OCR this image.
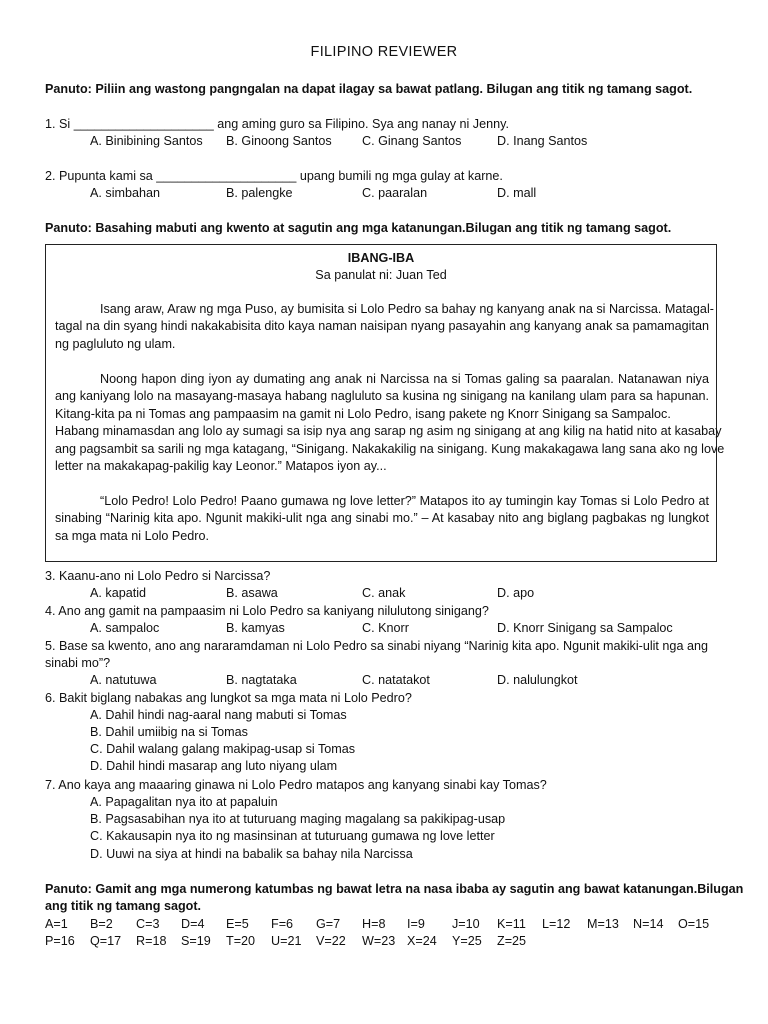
FILIPINO REVIEWER
Panuto: Piliin ang wastong pangngalan na dapat ilagay sa bawat patlang. Bilugan ang titik ng tamang sagot.
1. Si ____________________ ang aming guro sa Filipino. Sya ang nanay ni Jenny.
A. Binibining Santos B. Ginoong Santos C. Ginang Santos	D. Inang Santos
2. Pupunta kami sa ____________________ upang bumili ng mga gulay at karne.
A. simbahan	B. palengke	C. paaralan	D. mall
Panuto: Basahing mabuti ang kwento at sagutin ang mga katanungan.Bilugan ang titik ng tamang sagot.
IBANG-IBA
Sa panulat ni: Juan Ted
Isang araw, Araw ng mga Puso, ay bumisita si Lolo Pedro sa bahay ng kanyang anak na si Narcissa. Matagal-
tagal na din syang hindi nakakabisita dito kaya naman naisipan nyang pasayahin ang kanyang anak sa pamamagitan
ng pagluluto ng ulam.
Noong hapon ding iyon ay dumating ang anak ni Narcissa na si Tomas galing sa paaralan. Natanawan niya
ang kaniyang lolo na masayang-masaya habang nagluluto sa kusina ng sinigang na kanilang ulam para sa hapunan.
Kitang-kita pa ni Tomas ang pampaasim na gamit ni Lolo Pedro, isang pakete ng Knorr Sinigang sa Sampaloc.
Habang minamasdan ang lolo ay sumagi sa isip nya ang sarap ng asim ng sinigang at ang kilig na hatid nito at kasabay
ang pagsambit sa sarili ng mga katagang, “Sinigang. Nakakakilig na sinigang. Kung makakagawa lang sana ako ng love
letter na makakapag-pakilig kay Leonor.” Matapos iyon ay...
“Lolo Pedro! Lolo Pedro! Paano gumawa ng love letter?” Matapos ito ay tumingin kay Tomas si Lolo Pedro at
sinabing “Narinig kita apo. Ngunit makiki-ulit nga ang sinabi mo.” – At kasabay nito ang biglang pagbakas ng lungkot
sa mga mata ni Lolo Pedro.
3. Kaanu-ano ni Lolo Pedro si Narcissa?
A. kapatid	B. asawa	C. anak	D. apo
4. Ano ang gamit na pampaasim ni Lolo Pedro sa kaniyang nilulutong sinigang?
A. sampaloc	B. kamyas	C. Knorr	D. Knorr Sinigang sa Sampaloc
5. Base sa kwento, ano ang nararamdaman ni Lolo Pedro sa sinabi niyang “Narinig kita apo. Ngunit makiki-ulit nga ang
sinabi mo”?
A. natutuwa	B. nagtataka	C. natatakot	D. nalulungkot
6. Bakit biglang nabakas ang lungkot sa mga mata ni Lolo Pedro?
A. Dahil hindi nag-aaral nang mabuti si Tomas
B. Dahil umiibig na si Tomas
C. Dahil walang galang makipag-usap si Tomas
D. Dahil hindi masarap ang luto niyang ulam
7. Ano kaya ang maaaring ginawa ni Lolo Pedro matapos ang kanyang sinabi kay Tomas?
A. Papagalitan nya ito at papaluin
B. Pagsasabihan nya ito at tuturuang maging magalang sa pakikipag-usap
C. Kakausapin nya ito ng masinsinan at tuturuang gumawa ng love letter
D. Uuwi na siya at hindi na babalik sa bahay nila Narcissa
Panuto: Gamit ang mga numerong katumbas ng bawat letra na nasa ibaba ay sagutin ang bawat katanungan.Bilugan
ang titik ng tamang sagot.
A=1 B=2 C=3 D=4 E=5 F=6 G=7 H=8 I=9 J=10 K=11 L=12 M=13 N=14 O=15
P=16 Q=17 R=18 S=19 T=20 U=21 V=22 W=23 X=24 Y=25 Z=25
